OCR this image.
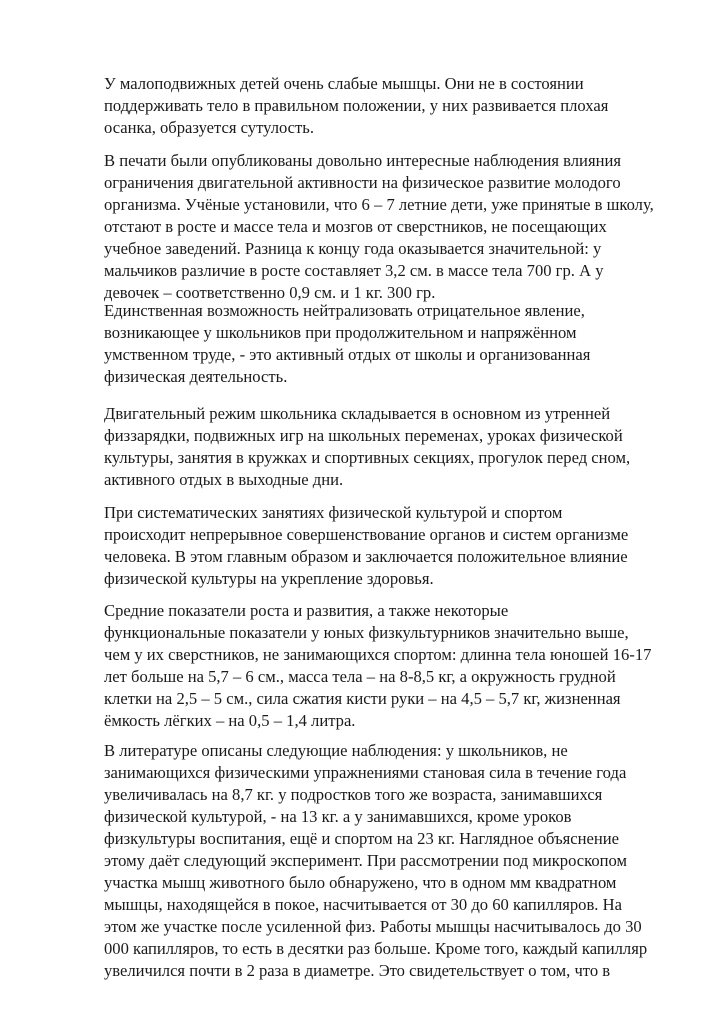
У малоподвижных детей очень слабые мышцы. Они не в состоянии
поддерживать тело в правильном положении, у них развивается плохая
осанка, образуется сутулость.
В печати были опубликованы довольно интересные наблюдения влияния
ограничения двигательной активности на физическое развитие молодого
организма. Учёные установили, что 6 – 7 летние дети, уже принятые в школу,
отстают в росте и массе тела и мозгов от сверстников, не посещающих
учебное заведений. Разница к концу года оказывается значительной: у
мальчиков различие в росте составляет 3,2 см. в массе тела 700 гр. А у
девочек – соответственно 0,9 см. и 1 кг. 300 гр.
Единственная возможность нейтрализовать отрицательное явление,
возникающее у школьников при продолжительном и напряжённом
умственном труде, - это активный отдых от школы и организованная
физическая деятельность.
Двигательный режим школьника складывается в основном из утренней
физзарядки, подвижных игр на школьных переменах, уроках физической
культуры, занятия в кружках и спортивных секциях, прогулок перед сном,
активного отдых в выходные дни.
При систематических занятиях физической культурой и спортом
происходит непрерывное совершенствование органов и систем организме
человека. В этом главным образом и заключается положительное влияние
физической культуры на укрепление здоровья.
Средние показатели роста и развития, а также некоторые
функциональные показатели у юных физкультурников значительно выше,
чем у их сверстников, не занимающихся спортом: длинна тела юношей 16-17
лет больше на 5,7 – 6 см., масса тела – на 8-8,5 кг, а окружность грудной
клетки на 2,5 – 5 см., сила сжатия кисти руки – на 4,5 – 5,7 кг, жизненная
ёмкость лёгких – на 0,5 – 1,4 литра.
В литературе описаны следующие наблюдения: у школьников, не
занимающихся физическими упражнениями становая сила в течение года
увеличивалась на 8,7 кг. у подростков того же возраста, занимавшихся
физической культурой, - на 13 кг. а у занимавшихся, кроме уроков
физкультуры воспитания, ещё и спортом на 23 кг. Наглядное объяснение
этому даёт следующий эксперимент. При рассмотрении под микроскопом
участка мышц животного было обнаружено, что в одном мм квадратном
мышцы, находящейся в покое, насчитывается от 30 до 60 капилляров. На
этом же участке после усиленной физ. Работы мышцы насчитывалось до 30
000 капилляров, то есть в десятки раз больше. Кроме того, каждый капилляр
увеличился почти в 2 раза в диаметре. Это свидетельствует о том, что в
